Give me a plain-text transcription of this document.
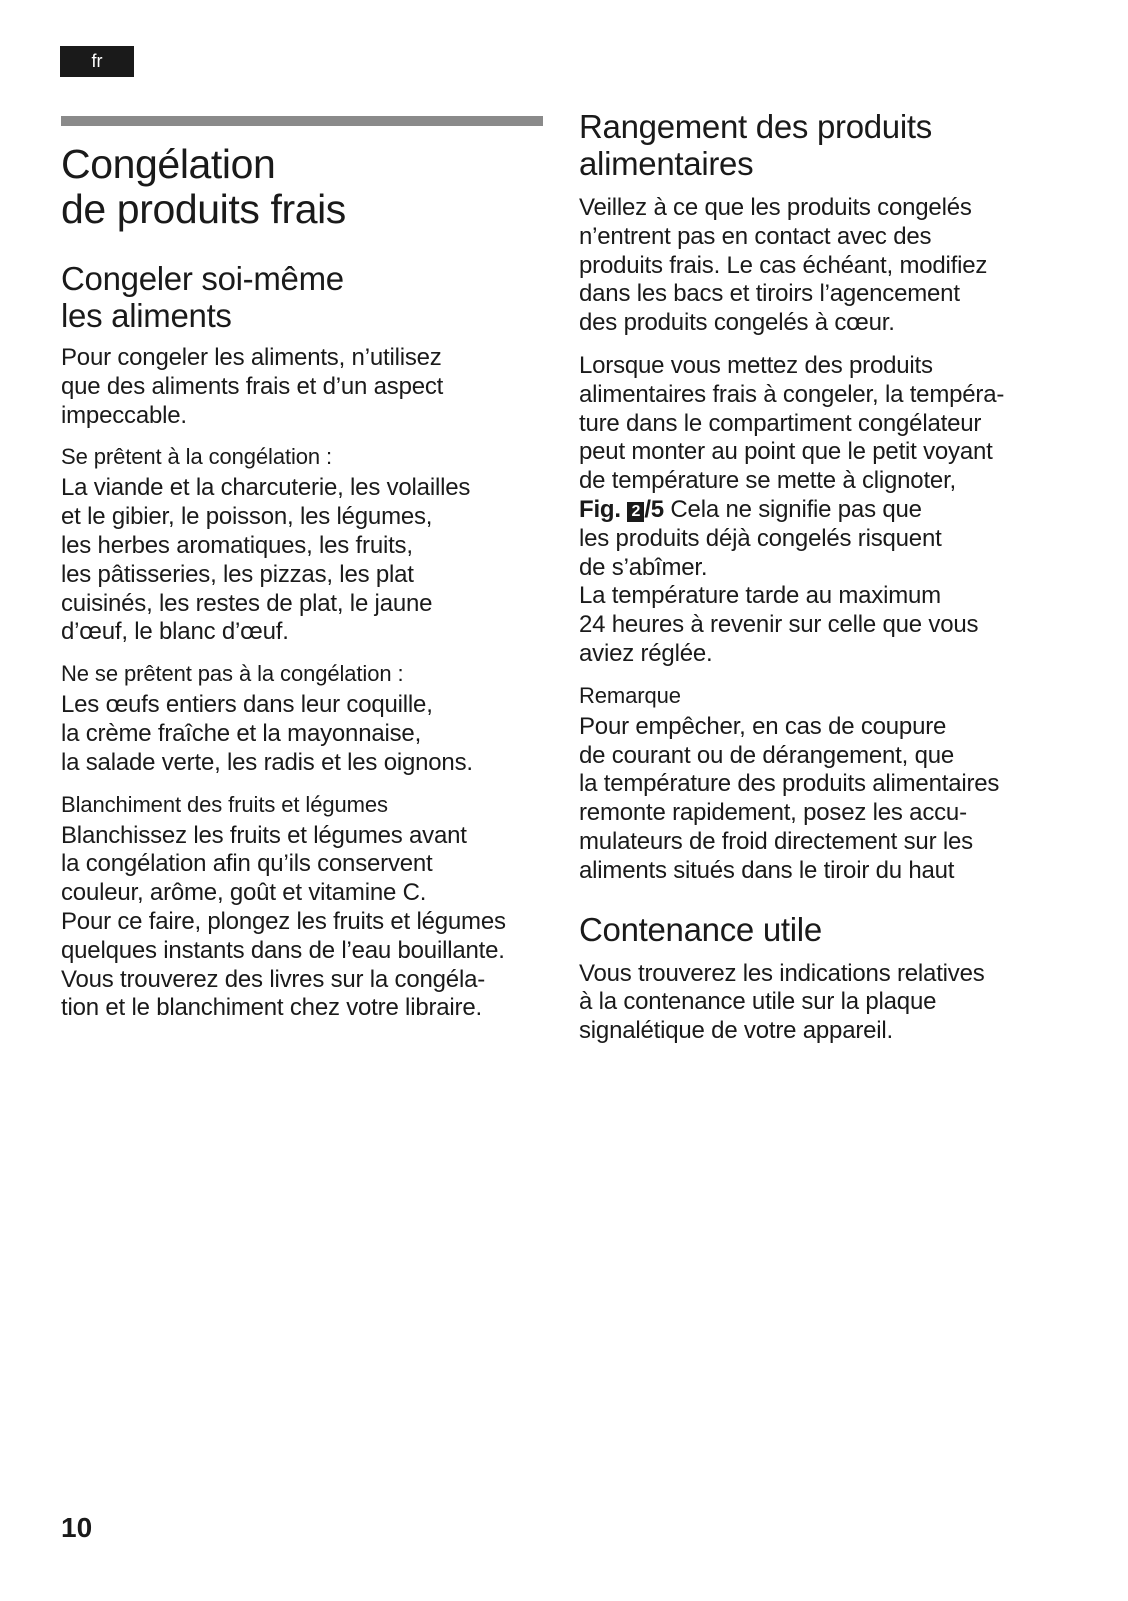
fr
Congélation
de produits frais
Congeler soi-même
les aliments

Pour congeler les aliments, n’utilisez
que des aliments frais et d’un aspect
impeccable.

Se prêtent à la congélation :

La viande et la charcuterie, les volailles
et le gibier, le poisson, les légumes,
les herbes aromatiques, les fruits,
les pâtisseries, les pizzas, les plat
cuisinés, les restes de plat, le jaune
d’œuf, le blanc d’œuf.

Ne se prêtent pas à la congélation :

Les œufs entiers dans leur coquille,
la crème fraîche et la mayonnaise,
la salade verte, les radis et les oignons.

Blanchiment des fruits et légumes

Blanchissez les fruits et légumes avant
la congélation afin qu’ils conservent
couleur, arôme, goût et vitamine C.
Pour ce faire, plongez les fruits et légumes
quelques instants dans de l’eau bouillante.
Vous trouverez des livres sur la congéla-
tion et le blanchiment chez votre libraire.

Rangement des produits
alimentaires

Veillez à ce que les produits congelés
n’entrent pas en contact avec des
produits frais. Le cas échéant, modifiez
dans les bacs et tiroirs l’agencement
des produits congelés à cœur.

Lorsque vous mettez des produits
alimentaires frais à congeler, la tempéra-
ture dans le compartiment congélateur
peut monter au point que le petit voyant
de température se mette à clignoter,
Fig. 2 /5 Cela ne signifie pas que
les produits déjà congelés risquent
de s’abîmer.
La température tarde au maximum
24 heures à revenir sur celle que vous
aviez réglée.

Remarque

Pour empêcher, en cas de coupure
de courant ou de dérangement, que
la température des produits alimentaires
remonte rapidement, posez les accu-
mulateurs de froid directement sur les
aliments situés dans le tiroir du haut

Contenance utile

Vous trouverez les indications relatives
à la contenance utile sur la plaque
signalétique de votre appareil.

10
